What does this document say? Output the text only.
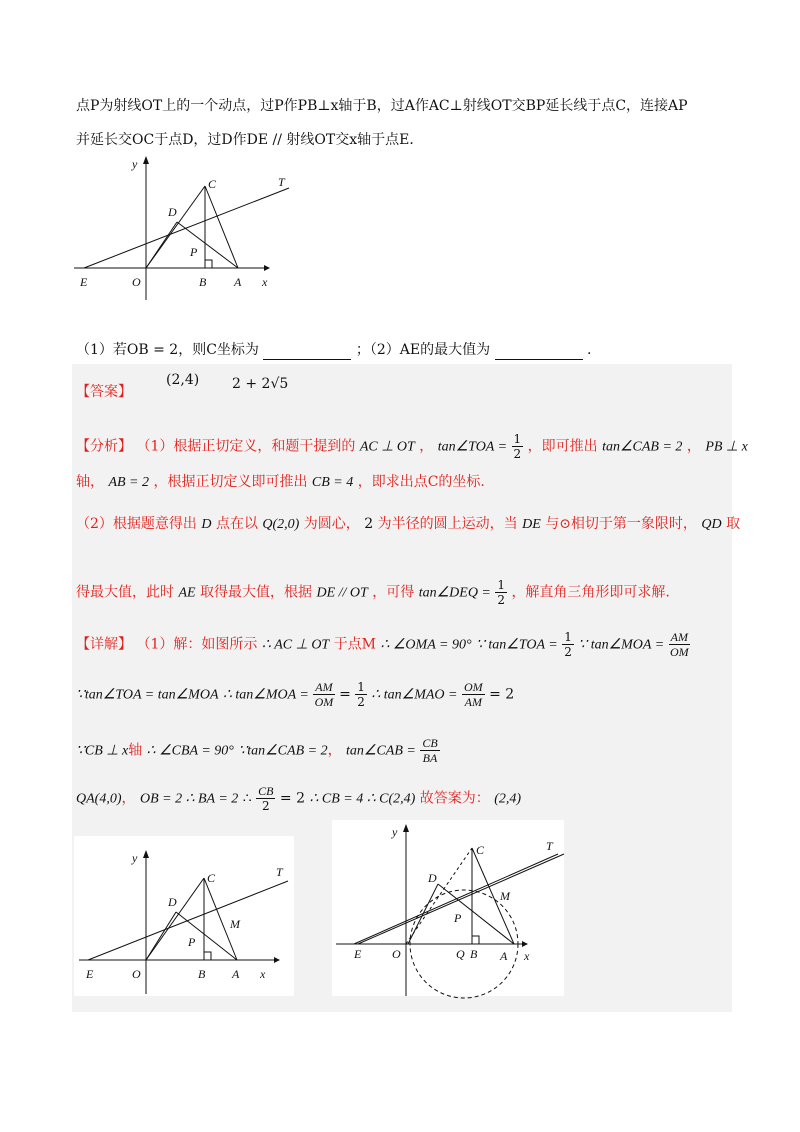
点P为射线OT上的一个动点，过P作PB⊥x轴于B，过A作AC⊥射线OT交BP延长线于点C，连接AP
并延长交OC于点D，过D作DE // 射线OT交x轴于点E．
y
C	T
D
P
E	O	B A x
（1）若OB = 2，则C坐标为	；（2）AE的最大值为	.
【答案】
(2,4) 2 + 2√5
【分析】 （1）根据正切定义，和题干提到的 AC ⊥ OT ， tan∠TOA = $\frac{1}{2}$ ，即可推出 tan∠CAB = 2 ， PB ⊥ x
轴， AB = 2 ，根据正切定义即可推出 CB = 4 ，即求出点C的坐标.
（2）根据题意得出 D 点在以 Q(2,0) 为圆心， 2 为半径的圆上运动，当 DE 与⊙相切于第一象限时， QD 取
得最大值，此时 AE 取得最大值，根据 DE // OT ，可得 tan∠DEQ = $\frac{1}{2}$ ，解直角三角形即可求解.
【详解】 （1）解：如图所示 ∴ AC ⊥ OT 于点M ∴ ∠OMA = 90° ∵ tan∠TOA = $\frac{1}{2}$ ∵ tan∠MOA = $\frac{AM}{OM}$
∵tan∠TOA = tan∠MOA ∴ tan∠MOA = $\frac{AM}{OM} = \frac{1}{2}$ ∴ tan∠MAO = $\frac{OM}{AM} = 2$
∵CB ⊥ x轴 ∴ ∠CBA = 90° ∵tan∠CAB = 2， tan∠CAB = $\frac{CB}{BA}$
QA(4,0)， OB = 2 ∴ BA = 2 ∴ $\frac{CB}{2} = 2$ ∴ CB = 4 ∴ C(2,4) 故答案为： (2,4)
y
C	T
D
M
P
E	O	B A x
y
C	T
D
M
P
E	O	Q B A x
